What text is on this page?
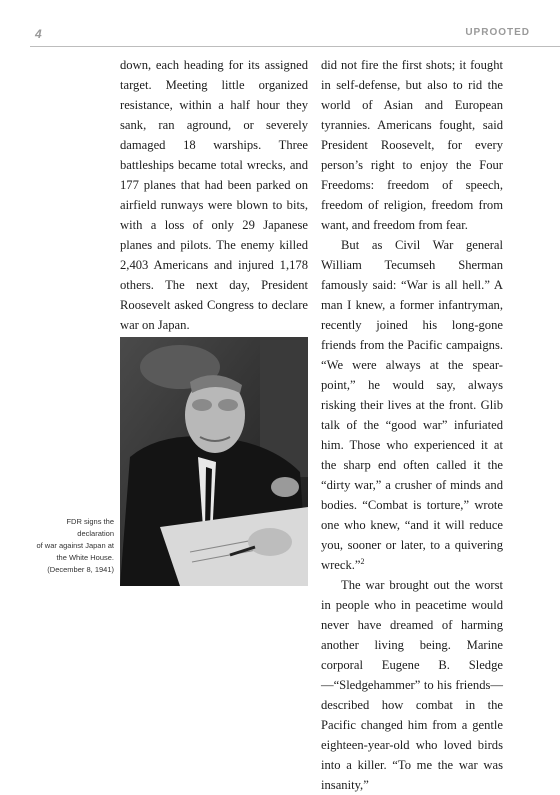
4	UPROOTED

down, each heading for its assigned target. Meeting little organized resistance, within a half hour they sank, ran aground, or severely damaged 18 warships. Three battleships became total wrecks, and 177 planes that had been parked on airfield runways were blown to bits, with a loss of only 29 Japanese planes and pilots. The enemy killed 2,403 Americans and injured 1,178 others. The next day, President Roosevelt asked Congress to declare war on Japan.

FDR signs the declaration
of war against Japan at
the White House.
(December 8, 1941)

did not fire the first shots; it fought in self-defense, but also to rid the world of Asian and European tyrannies. Americans fought, said President Roosevelt, for every person’s right to enjoy the Four Freedoms: freedom of speech, freedom of religion, freedom from want, and freedom from fear.

But as Civil War general William Tecumseh Sherman famously said: “War is all hell.” A man I knew, a former infantryman, recently joined his long-gone friends from the Pacific campaigns. “We were always at the spear-point,” he would say, always risking their lives at the front. Glib talk of the “good war” infuriated him. Those who experienced it at the sharp end often called it the “dirty war,” a crusher of minds and bodies. “Combat is torture,” wrote one who knew, “and it will reduce you, sooner or later, to a quivering wreck.”$^2$

The war brought out the worst in people who in peacetime would never have dreamed of harming another living being. Marine corporal Eugene B. Sledge—“Sledgehammer” to his friends—described how combat in the Pacific changed him from a gentle eighteen-year-old who loved birds into a killer. “To me the war was insanity,”
